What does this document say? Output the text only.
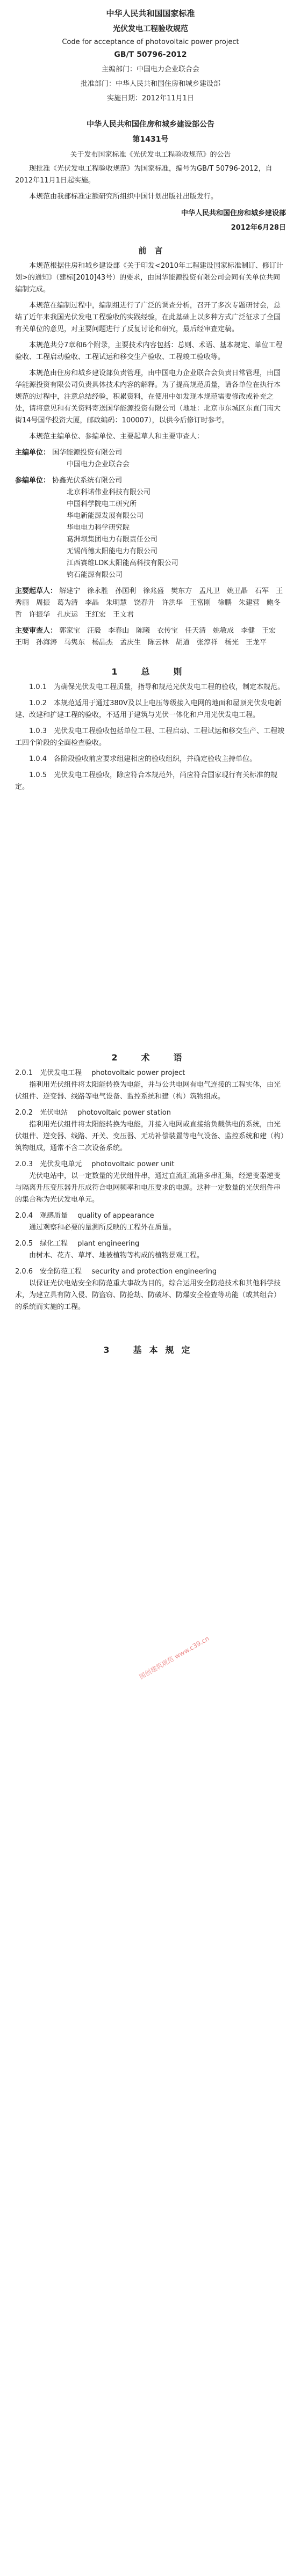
中华人民共和国国家标准

光伏发电工程验收规范

Code for acceptance of photovoltaic power project

GB/T 50796-2012

主编部门：中国电力企业联合会

批准部门：中华人民共和国住房和城乡建设部

实施日期：2012年11月1日

中华人民共和国住房和城乡建设部公告

第1431号

关于发布国家标准《光伏发电工程验收规范》的公告

现批准《光伏发电工程验收规范》为国家标准，编号为GB/T 50796-2012，自2012年11月1日起实施。

本规范由我部标准定额研究所组织中国计划出版社出版发行。

中华人民共和国住房和城乡建设部

2012年6月28日

前　言

本规范根据住房和城乡建设部《关于印发<2010年工程建设国家标准制订、修订计划>的通知》（建标[2010]43号）的要求，由国华能源投资有限公司会同有关单位共同编制完成。

本规范在编制过程中，编制组进行了广泛的调查分析，召开了多次专题研讨会，总结了近年来我国光伏发电工程验收的实践经验，在此基础上以多种方式广泛征求了全国有关单位的意见，对主要问题进行了反复讨论和研究，最后经审查定稿。

本规范共分7章和6个附录，主要技术内容包括：总则、术语、基本规定、单位工程验收、工程启动验收、工程试运和移交生产验收、工程竣工验收等。

本规范由住房和城乡建设部负责管理，由中国电力企业联合会负责日常管理，由国华能源投资有限公司负责具体技术内容的解释。为了提高规范质量，请各单位在执行本规范的过程中，注意总结经验，积累资料，在使用中如发现本规范需要修改或补充之处，请将意见和有关资料寄送国华能源投资有限公司（地址：北京市东城区东直门南大街14号国华投资大厦，邮政编码：100007），以供今后修订时参考。

本规范主编单位、参编单位、主要起草人和主要审查人：

主编单位： 国华能源投资有限公司
中国电力企业联合会
参编单位： 协鑫光伏系统有限公司
北京科诺伟业科技有限公司
中国科学院电工研究所
华电新能源发展有限公司
华电电力科学研究院
葛洲坝集团电力有限责任公司
无锡尚德太阳能电力有限公司
江西赛维LDK太阳能高科技有限公司
钧石能源有限公司
主要起草人： 解建宁　徐永胜　孙国利　徐兆盛　樊东方　孟凡卫　姚丑晶　石军　王秀丽　周振　葛为清　李晶　朱明慧　饶春升　许洪华　王富刚　徐鹏　朱建营　鲍冬哲　许振华　孔庆运　王红宏　王文君
主要审查人： 郭家宝　汪毅　李春山　陈曦　衣传宝　任天清　姚敏成　李健　王宏　王明　孙海涛　马隽东　杨晶杰　孟庆生　陈云林　胡道　张淳祥　杨光　王龙平

1　总　则

1.0.1　为确保光伏发电工程质量，指导和规范光伏发电工程的验收，制定本规范。

1.0.2　本规范适用于通过380V及以上电压等级接入电网的地面和屋顶光伏发电新建、改建和扩建工程的验收，不适用于建筑与光伏一体化和户用光伏发电工程。

1.0.3　光伏发电工程验收包括单位工程、工程启动、工程试运和移交生产、工程竣工四个阶段的全面检查验收。

1.0.4　各阶段验收前应要求组建相应的验收组织，并确定验收主持单位。

1.0.5　光伏发电工程验收，除应符合本规范外，尚应符合国家现行有关标准的规定。

图创建筑规范 www.c39.cn

2　术　语

2.0.1　光伏发电工程 photovoltaic power project

指利用光伏组件将太阳能转换为电能，并与公共电网有电气连接的工程实体，由光伏组件、逆变器、线路等电气设备、监控系统和建（构）筑物组成。

2.0.2　光伏电站 photovoltaic power station

指利用光伏组件将太阳能转换为电能，并接入电网或直接给负载供电的系统，由光伏组件、逆变器、线路、开关、变压器、无功补偿装置等电气设备、监控系统和建（构）筑物组成，通常不含二次设备系统。

2.0.3　光伏发电单元 photovoltaic power unit

光伏电站中，以一定数量的光伏组件串，通过直流汇流箱多串汇集，经逆变器逆变与隔离升压变压器升压成符合电网频率和电压要求的电源。这种一定数量的光伏组件串的集合称为光伏发电单元。

2.0.4　观感质量 quality of appearance

通过观察和必要的量测所反映的工程外在质量。

2.0.5　绿化工程 plant engineering

由树木、花卉、草坪、地被植物等构成的植物景观工程。

2.0.6　安全防范工程 security and protection engineering

以保证光伏电站安全和防范重大事故为目的，综合运用安全防范技术和其他科学技术，为建立具有防入侵、防盗窃、防抢劫、防破坏、防爆安全检查等功能（或其组合）的系统而实施的工程。

3　基本规定
